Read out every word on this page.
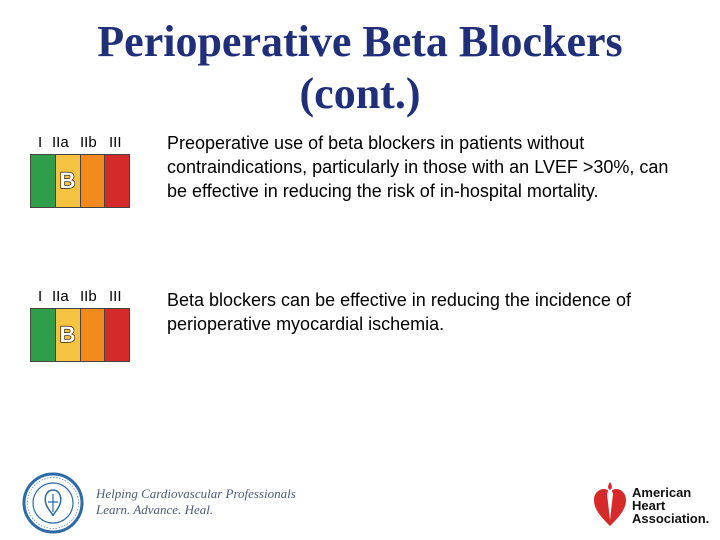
Perioperative Beta Blockers
(cont.)
I IIa IIb III
B
Preoperative use of beta blockers in patients without contraindications, particularly in those with an LVEF >30%, can be effective in reducing the risk of in-hospital mortality.
I IIa IIb III
B
Beta blockers can be effective in reducing the incidence of perioperative myocardial ischemia.
Helping Cardiovascular Professionals
Learn. Advance. Heal.
American
Heart
Association.
